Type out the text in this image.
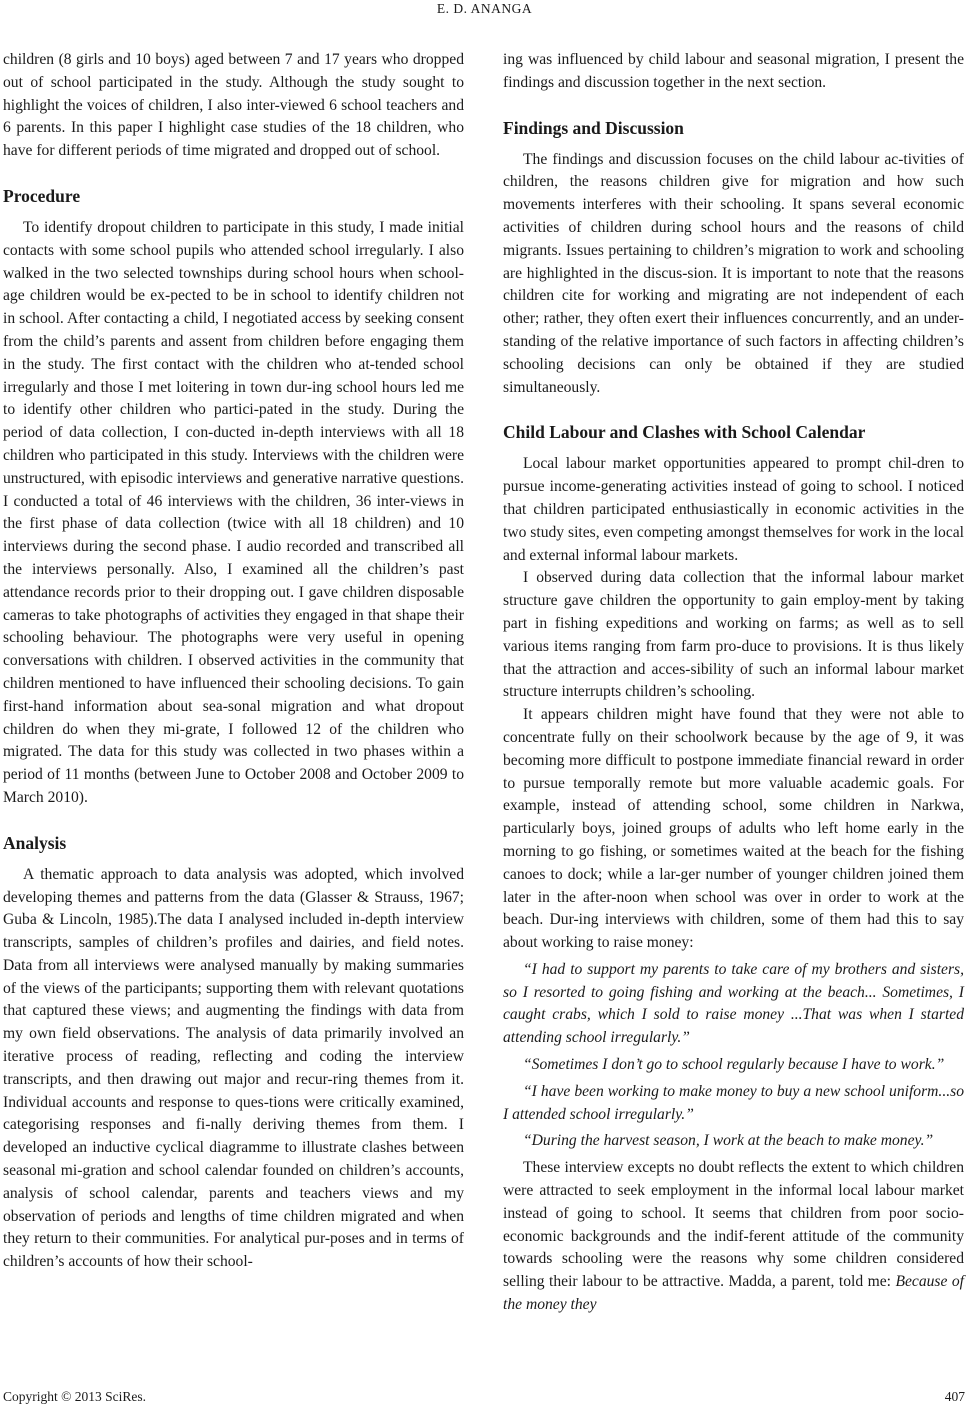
E. D. ANANGA

children (8 girls and 10 boys) aged between 7 and 17 years who dropped out of school participated in the study. Although the study sought to highlight the voices of children, I also inter-viewed 6 school teachers and 6 parents. In this paper I highlight case studies of the 18 children, who have for different periods of time migrated and dropped out of school.

Procedure

To identify dropout children to participate in this study, I made initial contacts with some school pupils who attended school irregularly. I also walked in the two selected townships during school hours when school-age children would be ex-pected to be in school to identify children not in school. After contacting a child, I negotiated access by seeking consent from the child’s parents and assent from children before engaging them in the study. The first contact with the children who at-tended school irregularly and those I met loitering in town dur-ing school hours led me to identify other children who partici-pated in the study. During the period of data collection, I con-ducted in-depth interviews with all 18 children who participated in this study. Interviews with the children were unstructured, with episodic interviews and generative narrative questions. I conducted a total of 46 interviews with the children, 36 inter-views in the first phase of data collection (twice with all 18 children) and 10 interviews during the second phase. I audio recorded and transcribed all the interviews personally. Also, I examined all the children’s past attendance records prior to their dropping out. I gave children disposable cameras to take photographs of activities they engaged in that shape their schooling behaviour. The photographs were very useful in opening conversations with children. I observed activities in the community that children mentioned to have influenced their schooling decisions. To gain first-hand information about sea-sonal migration and what dropout children do when they mi-grate, I followed 12 of the children who migrated. The data for this study was collected in two phases within a period of 11 months (between June to October 2008 and October 2009 to March 2010).

Analysis

A thematic approach to data analysis was adopted, which involved developing themes and patterns from the data (Glasser & Strauss, 1967; Guba & Lincoln, 1985).The data I analysed included in-depth interview transcripts, samples of children’s profiles and dairies, and field notes. Data from all interviews were analysed manually by making summaries of the views of the participants; supporting them with relevant quotations that captured these views; and augmenting the findings with data from my own field observations. The analysis of data primarily involved an iterative process of reading, reflecting and coding the interview transcripts, and then drawing out major and recur-ring themes from it. Individual accounts and response to ques-tions were critically examined, categorising responses and fi-nally deriving themes from them. I developed an inductive cyclical diagramme to illustrate clashes between seasonal mi-gration and school calendar founded on children’s accounts, analysis of school calendar, parents and teachers views and my observation of periods and lengths of time children migrated and when they return to their communities. For analytical pur-poses and in terms of children’s accounts of how their school-

ing was influenced by child labour and seasonal migration, I present the findings and discussion together in the next section.

Findings and Discussion

The findings and discussion focuses on the child labour ac-tivities of children, the reasons children give for migration and how such movements interferes with their schooling. It spans several economic activities of children during school hours and the reasons of child migrants. Issues pertaining to children’s migration to work and schooling are highlighted in the discus-sion. It is important to note that the reasons children cite for working and migrating are not independent of each other; rather, they often exert their influences concurrently, and an under-standing of the relative importance of such factors in affecting children’s schooling decisions can only be obtained if they are studied simultaneously.

Child Labour and Clashes with School Calendar

Local labour market opportunities appeared to prompt chil-dren to pursue income-generating activities instead of going to school. I noticed that children participated enthusiastically in economic activities in the two study sites, even competing amongst themselves for work in the local and external informal labour markets.

I observed during data collection that the informal labour market structure gave children the opportunity to gain employ-ment by taking part in fishing expeditions and working on farms; as well as to sell various items ranging from farm pro-duce to provisions. It is thus likely that the attraction and acces-sibility of such an informal labour market structure interrupts children’s schooling.

It appears children might have found that they were not able to concentrate fully on their schoolwork because by the age of 9, it was becoming more difficult to postpone immediate financial reward in order to pursue temporally remote but more valuable academic goals. For example, instead of attending school, some children in Narkwa, particularly boys, joined groups of adults who left home early in the morning to go fishing, or sometimes waited at the beach for the fishing canoes to dock; while a lar-ger number of younger children joined them later in the after-noon when school was over in order to work at the beach. Dur-ing interviews with children, some of them had this to say about working to raise money:

“I had to support my parents to take care of my brothers and sisters, so I resorted to going fishing and working at the beach... Sometimes, I caught crabs, which I sold to raise money ...That was when I started attending school irregularly.”

“Sometimes I don’t go to school regularly because I have to work.”

“I have been working to make money to buy a new school uniform...so I attended school irregularly.”

“During the harvest season, I work at the beach to make money.”

These interview excepts no doubt reflects the extent to which children were attracted to seek employment in the informal local labour market instead of going to school. It seems that children from poor socio-economic backgrounds and the indif-ferent attitude of the community towards schooling were the reasons why some children considered selling their labour to be attractive. Madda, a parent, told me: Because of the money they

Copyright © 2013 SciRes.	407
